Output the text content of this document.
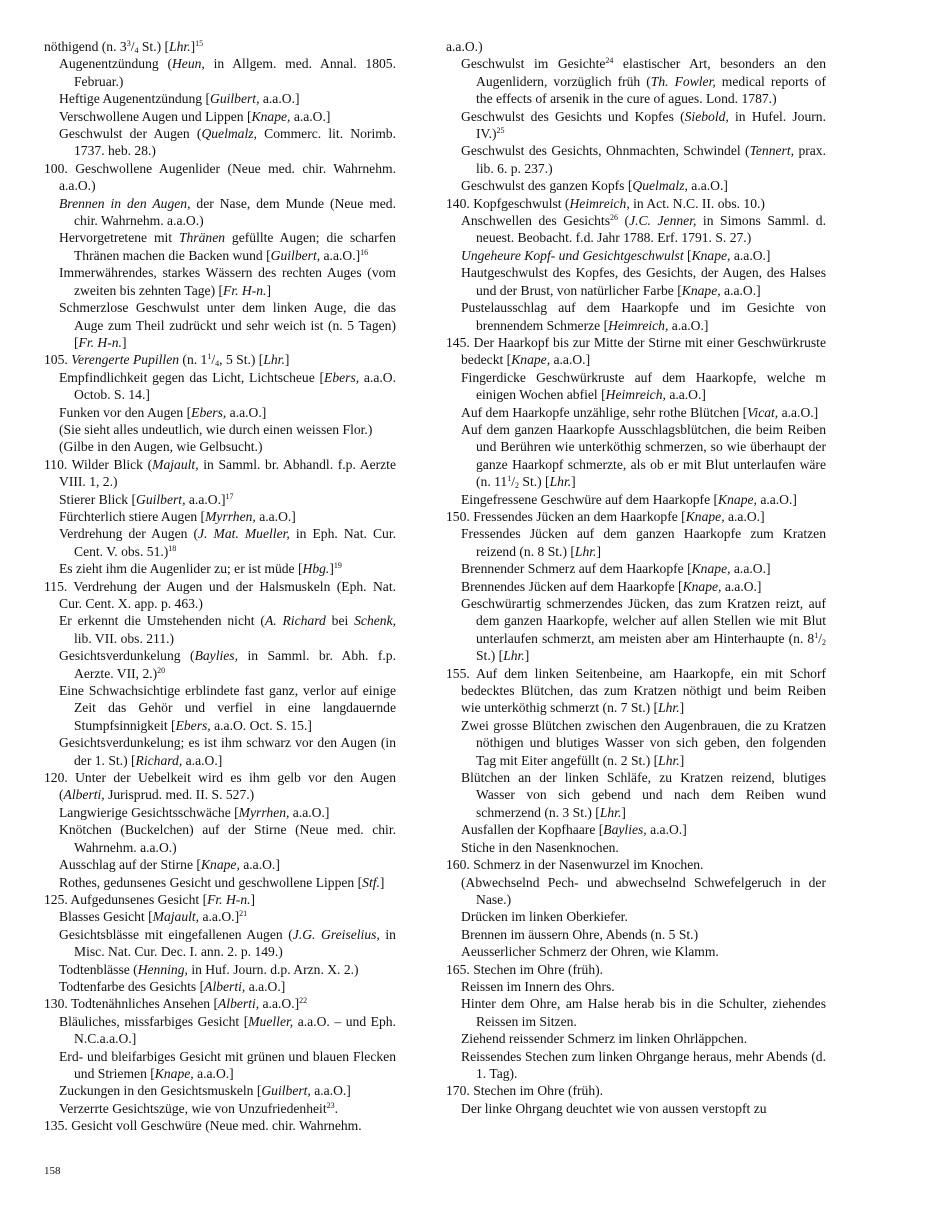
nöthigend (n. $3^3/_4$ St.) $[Lhr.]^{15}$

Augenentzündung (Heun, in Allgem. med. Annal. 1805. Februar.)

Heftige Augenentzündung [Guilbert, a.a.O.]

Verschwollene Augen und Lippen [Knape, a.a.O.]

Geschwulst der Augen (Quelmalz, Commerc. lit. Norimb. 1737. heb. 28.)

100. Geschwollene Augenlider (Neue med. chir. Wahrnehm. a.a.O.)

Brennen in den Augen, der Nase, dem Munde (Neue med. chir. Wahrnehm. a.a.O.)

Hervorgetretene mit Thränen gefüllte Augen; die scharfen Thränen machen die Backen wund [Guilbert, a.a.O.]$^{16}$

Immerwährendes, starkes Wässern des rechten Auges (vom zweiten bis zehnten Tage) [Fr. H-n.]

Schmerzlose Geschwulst unter dem linken Auge, die das Auge zum Theil zudrückt und sehr weich ist (n. 5 Tagen) [Fr. H-n.]

105. Verengerte Pupillen (n. $1^1/_4$, 5 St.) [Lhr.]

Empfindlichkeit gegen das Licht, Lichtscheue [Ebers, a.a.O. Octob. S. 14.]

Funken vor den Augen [Ebers, a.a.O.]

(Sie sieht alles undeutlich, wie durch einen weissen Flor.)

(Gilbe in den Augen, wie Gelbsucht.)

110. Wilder Blick (Majault, in Samml. br. Abhandl. f.p. Aerzte VIII. 1, 2.)

Stierer Blick [Guilbert, a.a.O.]$^{17}$

Fürchterlich stiere Augen [Myrrhen, a.a.O.]

Verdrehung der Augen (J. Mat. Mueller, in Eph. Nat. Cur. Cent. V. obs. 51.)$^{18}$

Es zieht ihm die Augenlider zu; er ist müde $[Hbg.]^{19}$

115. Verdrehung der Augen und der Halsmuskeln (Eph. Nat. Cur. Cent. X. app. p. 463.)

Er erkennt die Umstehenden nicht (A. Richard bei Schenk, lib. VII. obs. 211.)

Gesichtsverdunkelung (Baylies, in Samml. br. Abh. f.p. Aerzte. VII, 2.)$^{20}$

Eine Schwachsichtige erblindete fast ganz, verlor auf einige Zeit das Gehör und verfiel in eine langdauernde Stumpfsinnigkeit [Ebers, a.a.O. Oct. S. 15.]

Gesichtsverdunkelung; es ist ihm schwarz vor den Augen (in der 1. St.) [Richard, a.a.O.]

120. Unter der Uebelkeit wird es ihm gelb vor den Augen (Alberti, Jurisprud. med. II. S. 527.)

Langwierige Gesichtsschwäche [Myrrhen, a.a.O.]

Knötchen (Buckelchen) auf der Stirne (Neue med. chir. Wahrnehm. a.a.O.)

Ausschlag auf der Stirne [Knape, a.a.O.]

Rothes, gedunsenes Gesicht und geschwollene Lippen [Stf.]

125. Aufgedunsenes Gesicht [Fr. H-n.]

Blasses Gesicht [Majault, a.a.O.]$^{21}$

Gesichtsblässe mit eingefallenen Augen (J.G. Greiselius, in Misc. Nat. Cur. Dec. I. ann. 2. p. 149.)

Todtenblässe (Henning, in Huf. Journ. d.p. Arzn. X. 2.)

Todtenfarbe des Gesichts [Alberti, a.a.O.]

130. Todtenähnliches Ansehen [Alberti, a.a.O.]$^{22}$

Bläuliches, missfarbiges Gesicht [Mueller, a.a.O. – und Eph. N.C.a.a.O.]

Erd- und bleifarbiges Gesicht mit grünen und blauen Flecken und Striemen [Knape, a.a.O.]

Zuckungen in den Gesichtsmuskeln [Guilbert, a.a.O.]

Verzerrte Gesichtszüge, wie von Unzufriedenheit$^{23}$.

135. Gesicht voll Geschwüre (Neue med. chir. Wahrnehm.

a.a.O.)

Geschwulst im Gesichte$^{24}$ elastischer Art, besonders an den Augenlidern, vorzüglich früh (Th. Fowler, medical reports of the effects of arsenik in the cure of agues. Lond. 1787.)

Geschwulst des Gesichts und Kopfes (Siebold, in Hufel. Journ. IV.)$^{25}$

Geschwulst des Gesichts, Ohnmachten, Schwindel (Tennert, prax. lib. 6. p. 237.)

Geschwulst des ganzen Kopfs [Quelmalz, a.a.O.]

140. Kopfgeschwulst (Heimreich, in Act. N.C. II. obs. 10.)

Anschwellen des Gesichts$^{26}$ (J.C. Jenner, in Simons Samml. d. neuest. Beobacht. f.d. Jahr 1788. Erf. 1791. S. 27.)

Ungeheure Kopf- und Gesichtgeschwulst [Knape, a.a.O.]

Hautgeschwulst des Kopfes, des Gesichts, der Augen, des Halses und der Brust, von natürlicher Farbe [Knape, a.a.O.]

Pustelausschlag auf dem Haarkopfe und im Gesichte von brennendem Schmerze [Heimreich, a.a.O.]

145. Der Haarkopf bis zur Mitte der Stirne mit einer Geschwürkruste bedeckt [Knape, a.a.O.]

Fingerdicke Geschwürkruste auf dem Haarkopfe, welche m einigen Wochen abfiel [Heimreich, a.a.O.]

Auf dem Haarkopfe unzählige, sehr rothe Blütchen [Vicat, a.a.O.]

Auf dem ganzen Haarkopfe Ausschlagsblütchen, die beim Reiben und Berühren wie unterköthig schmerzen, so wie überhaupt der ganze Haarkopf schmerzte, als ob er mit Blut unterlaufen wäre (n. $11^1/_2$ St.) [Lhr.]

Eingefressene Geschwüre auf dem Haarkopfe [Knape, a.a.O.]

150. Fressendes Jücken an dem Haarkopfe [Knape, a.a.O.]

Fressendes Jücken auf dem ganzen Haarkopfe zum Kratzen reizend (n. 8 St.) [Lhr.]

Brennender Schmerz auf dem Haarkopfe [Knape, a.a.O.]

Brennendes Jücken auf dem Haarkopfe [Knape, a.a.O.]

Geschwürartig schmerzendes Jücken, das zum Kratzen reizt, auf dem ganzen Haarkopfe, welcher auf allen Stellen wie mit Blut unterlaufen schmerzt, am meisten aber am Hinterhaupte (n. $8^1/_2$ St.) [Lhr.]

155. Auf dem linken Seitenbeine, am Haarkopfe, ein mit Schorf bedecktes Blütchen, das zum Kratzen nöthigt und beim Reiben wie unterköthig schmerzt (n. 7 St.) [Lhr.]

Zwei grosse Blütchen zwischen den Augenbrauen, die zu Kratzen nöthigen und blutiges Wasser von sich geben, den folgenden Tag mit Eiter angefüllt (n. 2 St.) [Lhr.]

Blütchen an der linken Schläfe, zu Kratzen reizend, blutiges Wasser von sich gebend und nach dem Reiben wund schmerzend (n. 3 St.) [Lhr.]

Ausfallen der Kopfhaare [Baylies, a.a.O.]

Stiche in den Nasenknochen.

160. Schmerz in der Nasenwurzel im Knochen.

(Abwechselnd Pech- und abwechselnd Schwefelgeruch in der Nase.)

Drücken im linken Oberkiefer.

Brennen im äussern Ohre, Abends (n. 5 St.)

Aeusserlicher Schmerz der Ohren, wie Klamm.

165. Stechen im Ohre (früh).

Reissen im Innern des Ohrs.

Hinter dem Ohre, am Halse herab bis in die Schulter, ziehendes Reissen im Sitzen.

Ziehend reissender Schmerz im linken Ohrläppchen.

Reissendes Stechen zum linken Ohrgange heraus, mehr Abends (d. 1. Tag).

170. Stechen im Ohre (früh).

Der linke Ohrgang deuchtet wie von aussen verstopft zu

158
